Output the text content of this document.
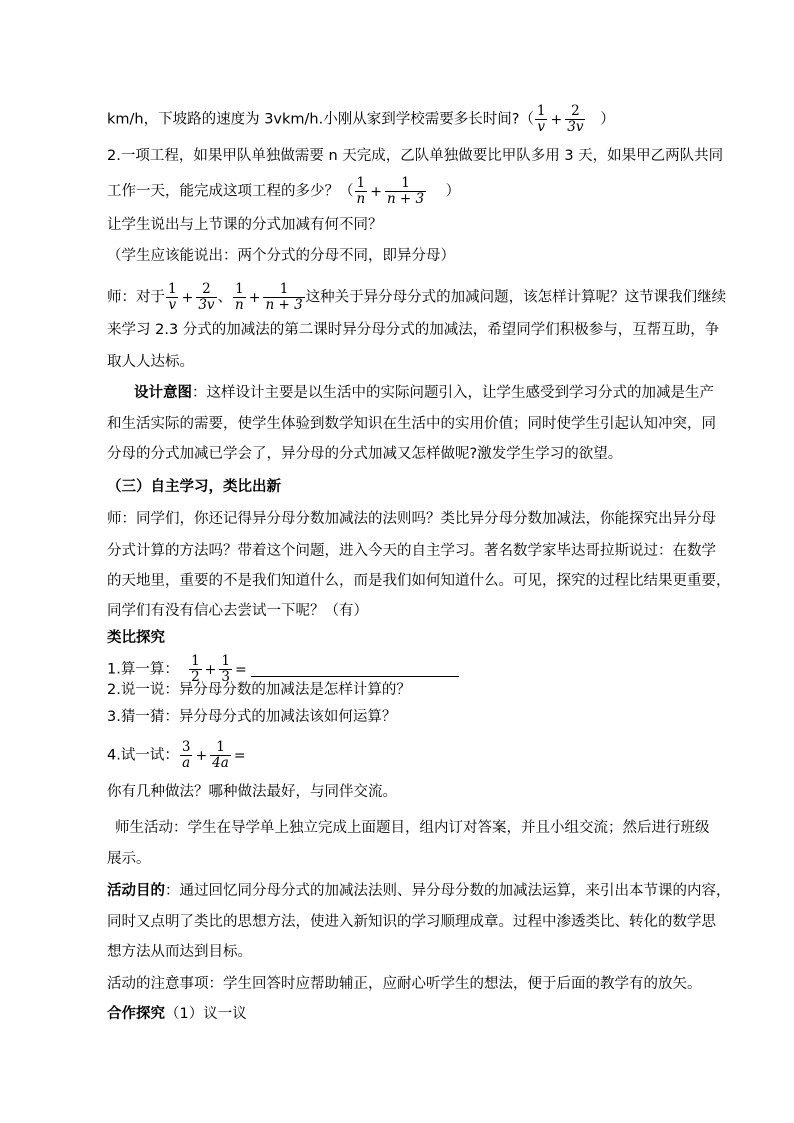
km/h，下坡路的速度为 3vkm/h.小刚从家到学校需要多长时间?（ $\frac{1}{v} + \frac{2}{3v}$ ）
2.一项工程，如果甲队单独做需要 n 天完成，乙队单独做要比甲队多用 3 天，如果甲乙两队共同
工作一天，能完成这项工程的多少？（ $\frac{1}{n} + \frac{1}{n + 3}$ ）
让学生说出与上节课的分式加减有何不同？
（学生应该能说出：两个分式的分母不同，即异分母）
师：对于 $\frac{1}{v} + \frac{2}{3v}$ 、 $\frac{1}{n} + \frac{1}{n + 3}$ 这种关于异分母分式的加减问题，该怎样计算呢？这节课我们继续
来学习 2.3 分式的加减法的第二课时异分母分式的加减法，希望同学们积极参与，互帮互助，争
取人人达标。
设计意图：这样设计主要是以生活中的实际问题引入，让学生感受到学习分式的加减是生产
和生活实际的需要，使学生体验到数学知识在生活中的实用价值；同时使学生引起认知冲突，同
分母的分式加减已学会了，异分母的分式加减又怎样做呢?激发学生学习的欲望。
（三）自主学习，类比出新
师：同学们，你还记得异分母分数加减法的法则吗？类比异分母分数加减法，你能探究出异分母
分式计算的方法吗？带着这个问题，进入今天的自主学习。著名数学家毕达哥拉斯说过：在数学
的天地里，重要的不是我们知道什么，而是我们如何知道什么。可见，探究的过程比结果更重要，
同学们有没有信心去尝试一下呢？（有）
类比探究
1.算一算： $\frac{1}{2} + \frac{1}{3}$ =
2.说一说：异分母分数的加减法是怎样计算的？
3.猜一猜：异分母分式的加减法该如何运算？
4.试一试： $\frac{3}{a} + \frac{1}{4a}$ =
你有几种做法？哪种做法最好，与同伴交流。
师生活动：学生在导学单上独立完成上面题目，组内订对答案，并且小组交流；然后进行班级
展示。
活动目的：通过回忆同分母分式的加减法法则、异分母分数的加减法运算，来引出本节课的内容，
同时又点明了类比的思想方法，使进入新知识的学习顺理成章。过程中渗透类比、转化的数学思
想方法从而达到目标。
活动的注意事项：学生回答时应帮助辅正，应耐心听学生的想法，便于后面的教学有的放矢。
合作探究（1）议一议
